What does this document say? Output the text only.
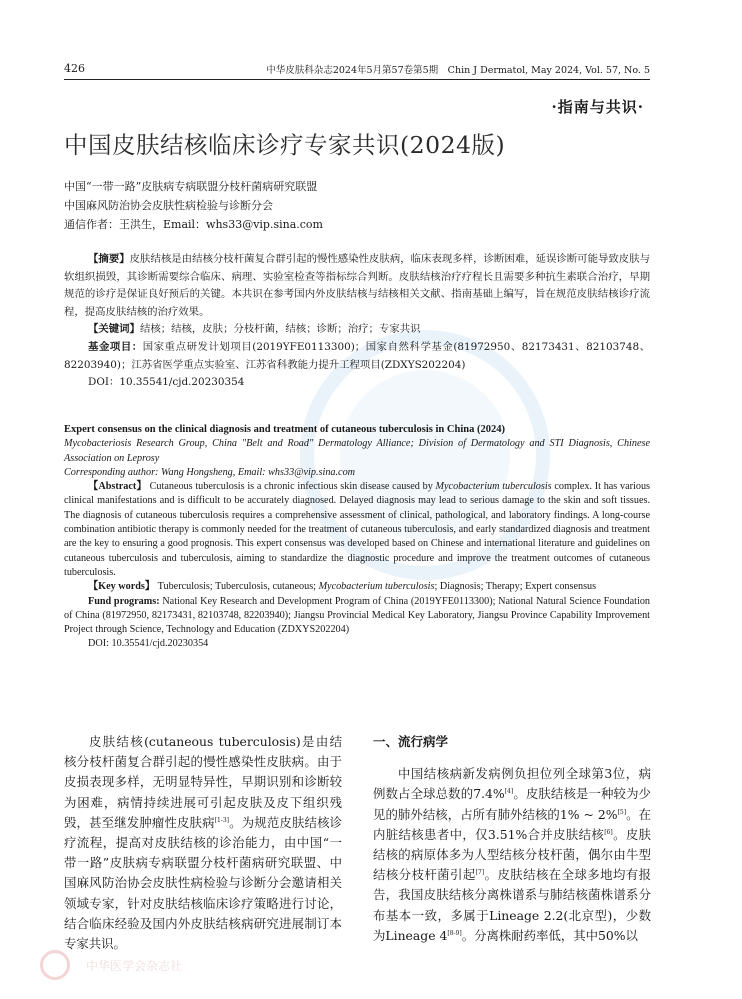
426	中华皮肤科杂志2024年5月第57卷第5期　Chin J Dermatol, May 2024, Vol. 57, No. 5
·指南与共识·
中国皮肤结核临床诊疗专家共识(2024版)
中国“一带一路”皮肤病专病联盟分枝杆菌病研究联盟
中国麻风防治协会皮肤性病检验与诊断分会
通信作者：王洪生，Email：whs33@vip.sina.com

【摘要】皮肤结核是由结核分枝杆菌复合群引起的慢性感染性皮肤病，临床表现多样，诊断困难，延误诊断可能导致皮肤与软组织损毁，其诊断需要综合临床、病理、实验室检查等指标综合判断。皮肤结核治疗疗程长且需要多种抗生素联合治疗，早期规范的诊疗是保证良好预后的关键。本共识在参考国内外皮肤结核与结核相关文献、指南基础上编写，旨在规范皮肤结核诊疗流程，提高皮肤结核的治疗效果。

【关键词】结核；结核，皮肤；分枝杆菌，结核；诊断；治疗；专家共识

基金项目：国家重点研发计划项目(2019YFE0113300)；国家自然科学基金(81972950、82173431、82103748、82203940)；江苏省医学重点实验室、江苏省科教能力提升工程项目(ZDXYS202204)

DOI：10.35541/cjd.20230354

Expert consensus on the clinical diagnosis and treatment of cutaneous tuberculosis in China (2024)

Mycobacteriosis Research Group, China "Belt and Road" Dermatology Alliance; Division of Dermatology and STI Diagnosis, Chinese Association on Leprosy

Corresponding author: Wang Hongsheng, Email: whs33@vip.sina.com

【Abstract】 Cutaneous tuberculosis is a chronic infectious skin disease caused by Mycobacterium tuberculosis complex. It has various clinical manifestations and is difficult to be accurately diagnosed. Delayed diagnosis may lead to serious damage to the skin and soft tissues. The diagnosis of cutaneous tuberculosis requires a comprehensive assessment of clinical, pathological, and laboratory findings. A long-course combination antibiotic therapy is commonly needed for the treatment of cutaneous tuberculosis, and early standardized diagnosis and treatment are the key to ensuring a good prognosis. This expert consensus was developed based on Chinese and international literature and guidelines on cutaneous tuberculosis and tuberculosis, aiming to standardize the diagnostic procedure and improve the treatment outcomes of cutaneous tuberculosis.

【Key words】 Tuberculosis; Tuberculosis, cutaneous; Mycobacterium tuberculosis; Diagnosis; Therapy; Expert consensus

Fund programs: National Key Research and Development Program of China (2019YFE0113300); National Natural Science Foundation of China (81972950, 82173431, 82103748, 82203940); Jiangsu Provincial Medical Key Laboratory, Jiangsu Province Capability Improvement Project through Science, Technology and Education (ZDXYS202204)

DOI: 10.35541/cjd.20230354

皮肤结核(cutaneous tuberculosis)是由结核分枝杆菌复合群引起的慢性感染性皮肤病。由于皮损表现多样，无明显特异性，早期识别和诊断较为困难，病情持续进展可引起皮肤及皮下组织残毁，甚至继发肿瘤性皮肤病[1-3]。为规范皮肤结核诊疗流程，提高对皮肤结核的诊治能力，由中国“一带一路”皮肤病专病联盟分枝杆菌病研究联盟、中国麻风防治协会皮肤性病检验与诊断分会邀请相关领域专家，针对皮肤结核临床诊疗策略进行讨论，结合临床经验及国内外皮肤结核病研究进展制订本专家共识。

一、流行病学

中国结核病新发病例负担位列全球第3位，病例数占全球总数的7.4%[4]。皮肤结核是一种较为少见的肺外结核，占所有肺外结核的1% ~ 2%[5]。在内脏结核患者中，仅3.51%合并皮肤结核[6]。皮肤结核的病原体多为人型结核分枝杆菌，偶尔由牛型结核分枝杆菌引起[7]。皮肤结核在全球多地均有报告，我国皮肤结核分离株谱系与肺结核菌株谱系分布基本一致，多属于Lineage 2.2(北京型)，少数为Lineage 4[8-9]。分离株耐药率低，其中50%以

中华医学会杂志社
